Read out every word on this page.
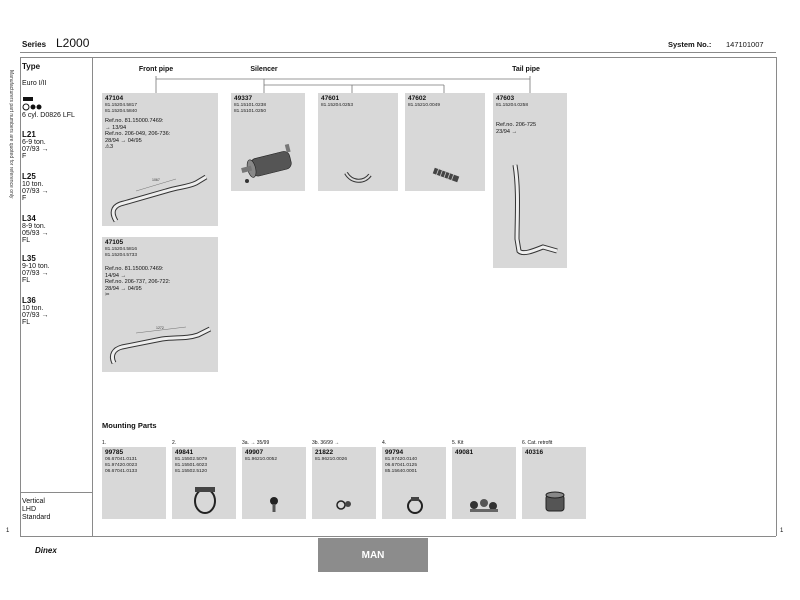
Series L2000	System No.: 147101007
Manufacturers part numbers are quoted for reference only
Type
Euro I/II
6 cyl. D0826 LFL
L21
6-9 ton.
07/93 →
F
L25
10 ton.
07/93 →
F
L34
8-9 ton.
05/93 →
FL
L35
9-10 ton.
07/93 →
FL
L36
10 ton.
07/93 →
FL
Vertical
LHD
Standard
Front pipe	Silencer	Tail pipe
47104
81.15204.5817
81.15204.5840
Ref.no. 81.15000.7469:
→ 13/94
Ref.no. 206-049, 206-736:
28/94 → 04/95
⚠3
1067
49337
81.15101.0238
81.15101.0250
47601
81.15204.0253
47602
81.15210.0049
47603
81.15204.0258
Ref.no. 206-725
23/94 →
47105
81.15204.5816
81.15204.5733
Ref.no. 81.15000.7469:
14/94 →
Ref.no. 206-737, 206-722:
28/94 → 04/95
✂
1272
Mounting Parts
1.	2.	3a. → 35/99	3b. 36/99 →	4.	5. Kit	6. Cat. retrofit
99785
06.67041.0131
81.97420.0023
06.67041.0133
49841
81.15502.5079
81.15501.6023
81.15502.5120
49907
81.96210.0052
21822
81.96210.0026
99794
81.97420.0140
06.67041.0125
85.15640.0001
49081	40316
1	1
Dinex	MAN
